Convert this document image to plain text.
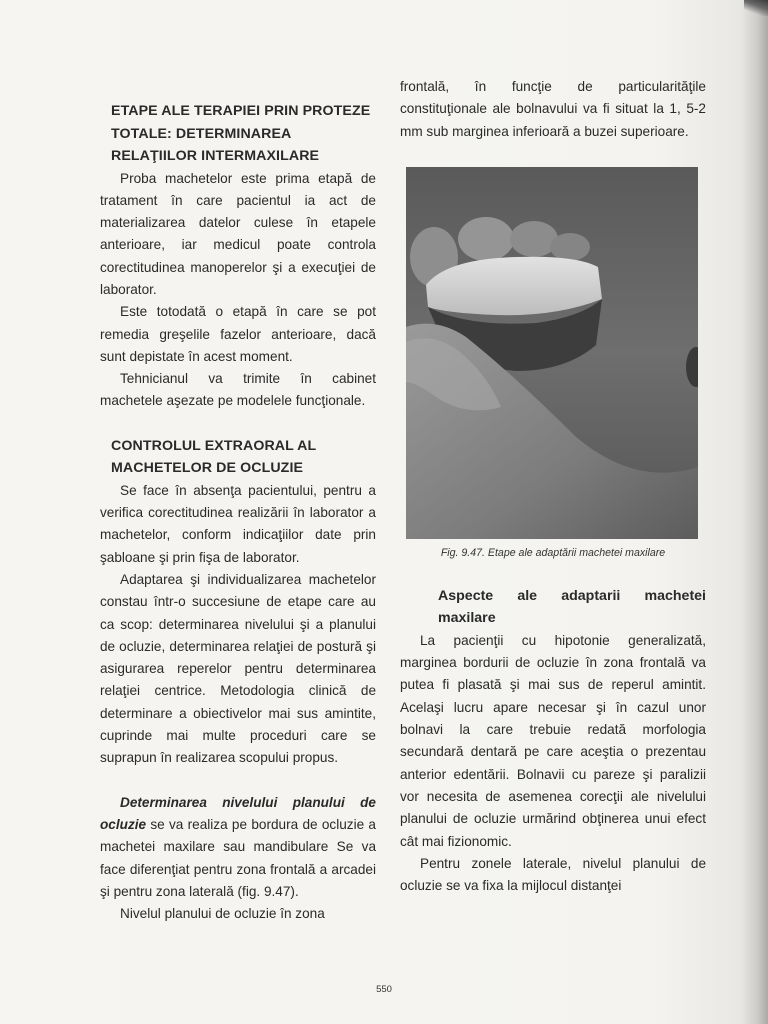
ETAPE ALE TERAPIEI PRIN PROTEZE TOTALE: DETERMINAREA RELAŢIILOR INTERMAXILARE

Proba machetelor este prima etapă de tratament în care pacientul ia act de materializarea datelor culese în etapele anterioare, iar medicul poate controla corectitudinea manoperelor şi a execuţiei de laborator.

Este totodată o etapă în care se pot remedia greşelile fazelor anterioare, dacă sunt depistate în acest moment.

Tehnicianul va trimite în cabinet machetele aşezate pe modelele funcţionale.

CONTROLUL EXTRAORAL AL MACHETELOR DE OCLUZIE

Se face în absenţa pacientului, pentru a verifica corectitudinea realizării în laborator a machetelor, conform indicaţiilor date prin şabloane şi prin fişa de laborator.

Adaptarea şi individualizarea machetelor constau într-o succesiune de etape care au ca scop: determinarea nivelului şi a planului de ocluzie, determinarea relaţiei de postură şi asigurarea reperelor pentru determinarea relaţiei centrice. Metodologia clinică de determinare a obiectivelor mai sus amintite, cuprinde mai multe proceduri care se suprapun în realizarea scopului propus.

Determinarea nivelului planului de ocluzie se va realiza pe bordura de ocluzie a machetei maxilare sau mandibulare Se va face diferenţiat pentru zona frontală a arcadei şi pentru zona laterală (fig. 9.47).

Nivelul planului de ocluzie în zona

frontală, în funcţie de particularităţile constituţionale ale bolnavului va fi situat la 1, 5-2 mm sub marginea inferioară a buzei superioare.

Fig. 9.47. Etape ale adaptării machetei maxilare

Aspecte ale adaptarii machetei maxilare

La pacienţii cu hipotonie generalizată, marginea bordurii de ocluzie în zona frontală va putea fi plasată şi mai sus de reperul amintit. Acelaşi lucru apare necesar şi în cazul unor bolnavi la care trebuie redată morfologia secundară dentară pe care aceştia o prezentau anterior edentării. Bolnavii cu pareze şi paralizii vor necesita de asemenea corecţii ale nivelului planului de ocluzie urmărind obţinerea unui efect cât mai fizionomic.

Pentru zonele laterale, nivelul planului de ocluzie se va fixa la mijlocul distanţei

550
